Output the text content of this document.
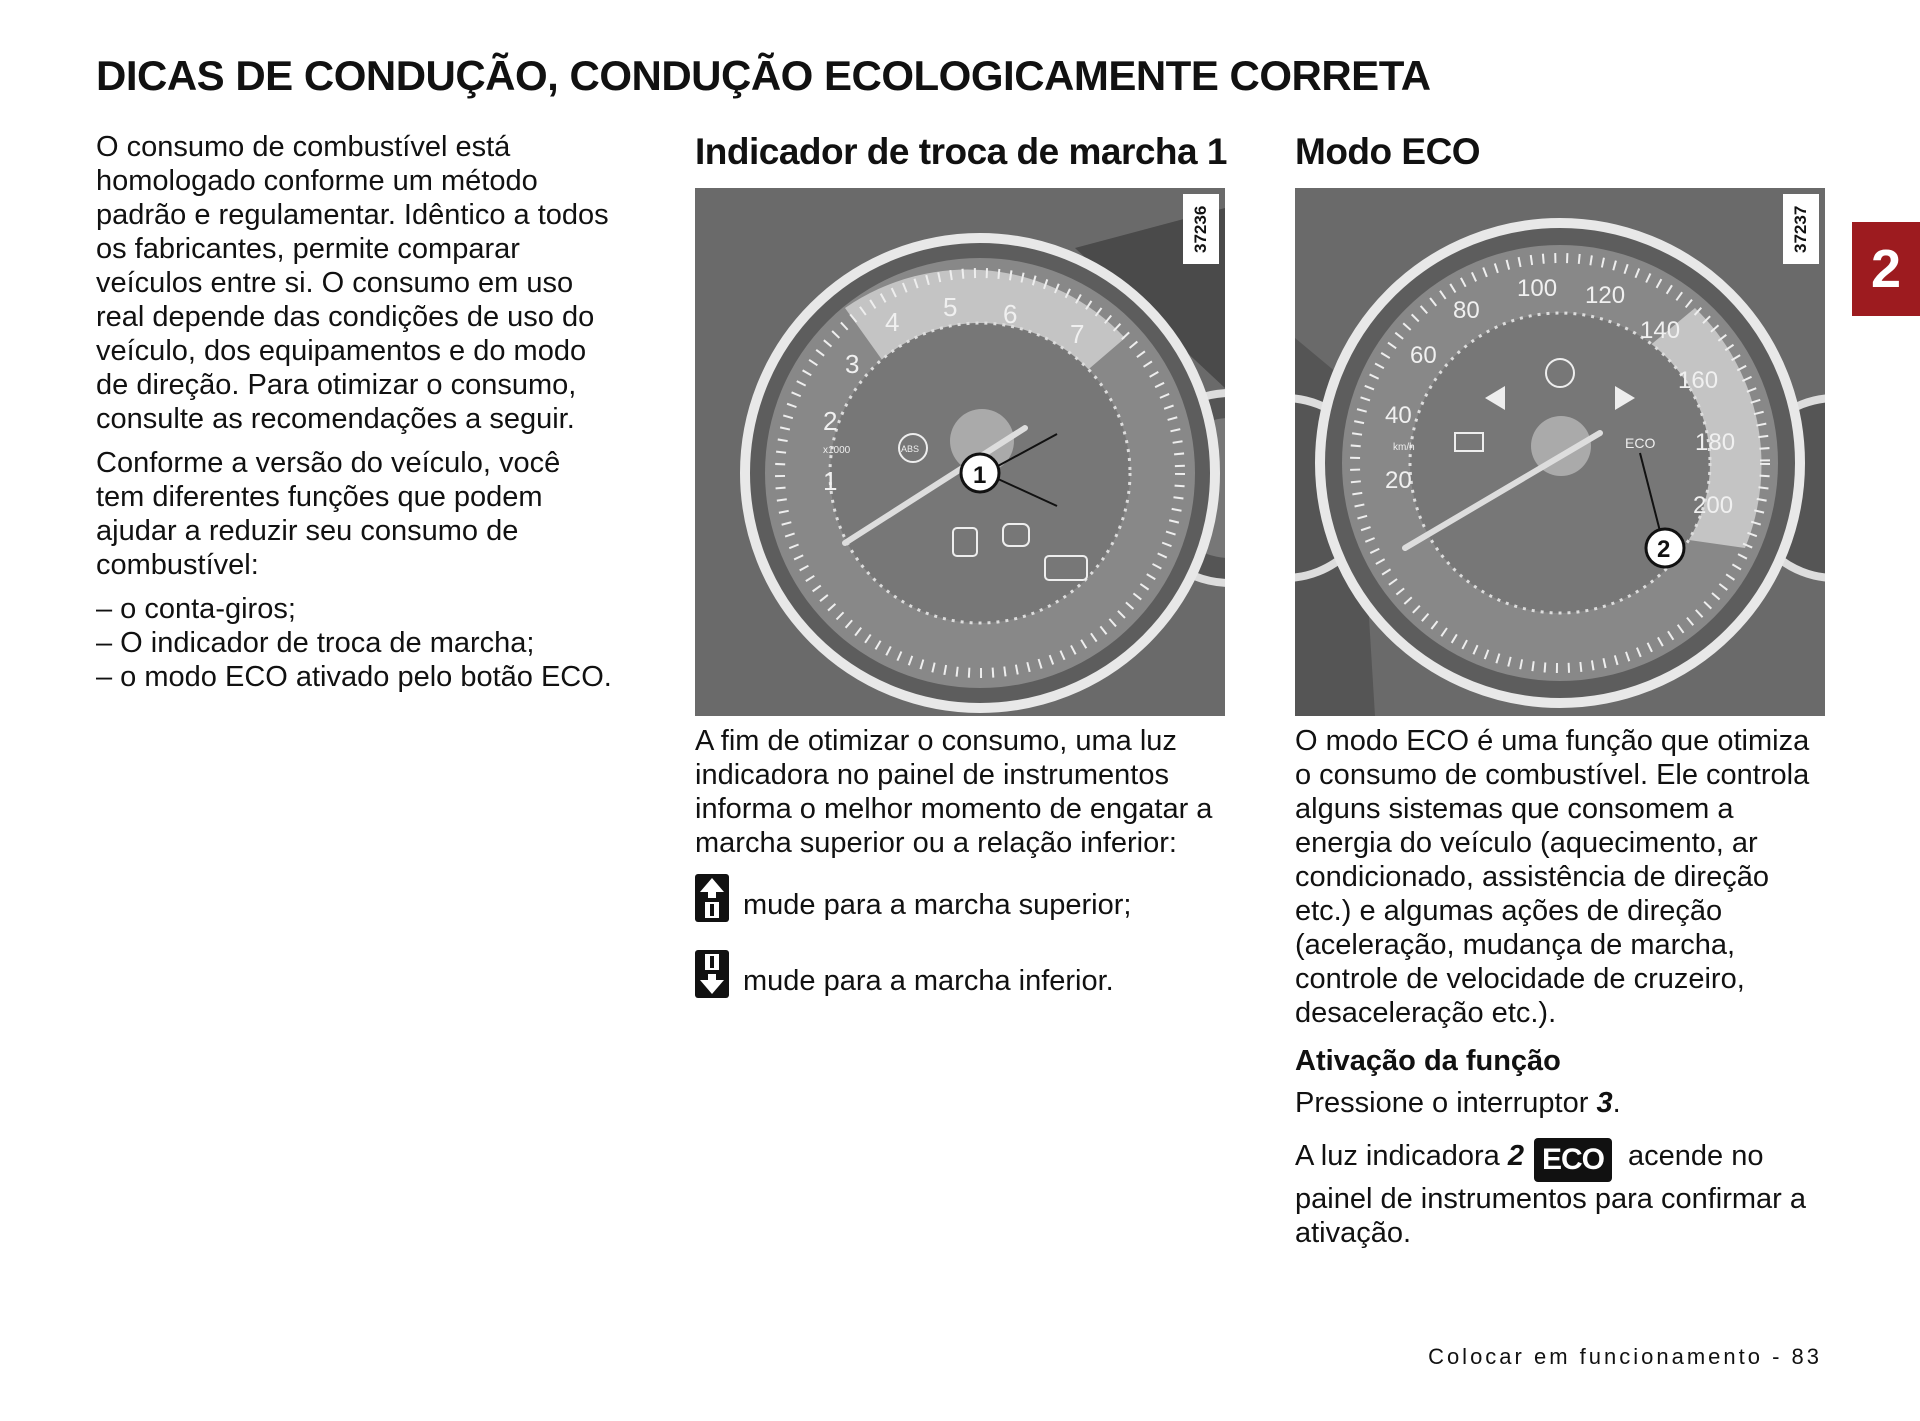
DICAS DE CONDUÇÃO, CONDUÇÃO ECOLOGICAMENTE CORRETA
2

O consumo de combustível está homologado conforme um método padrão e regulamentar. Idêntico a todos os fabricantes, permite comparar veículos entre si. O consumo em uso real depende das condições de uso do veículo, dos equipamentos e do modo de direção. Para otimizar o consumo, consulte as recomendações a seguir.

Conforme a versão do veículo, você tem diferentes funções que podem ajudar a reduzir seu consumo de combustível:

– o conta-giros;
– O indicador de troca de marcha;
– o modo ECO ativado pelo botão ECO.
Indicador de troca de marcha 1
1
2
3
4 5 6
7
x1000	ABS
1
37236

A fim de otimizar o consumo, uma luz indicadora no painel de instrumentos informa o melhor momento de engatar a marcha superior ou a relação inferior:

mude para a marcha superior;
mude para a marcha inferior.
Modo ECO
20
40
60
80
100 120
140
160
180
200
km/h	ECO
2
37237

O modo ECO é uma função que otimiza o consumo de combustível. Ele controla alguns sistemas que consomem a energia do veículo (aquecimento, ar condicionado, assistência de direção etc.) e algumas ações de direção (aceleração, mudança de marcha, controle de velocidade de cruzeiro, desaceleração etc.).

Ativação da função

Pressione o interruptor 3.

A luz indicadora 2 ECO acende no painel de instrumentos para confirmar a ativação.

Colocar em funcionamento - 83
